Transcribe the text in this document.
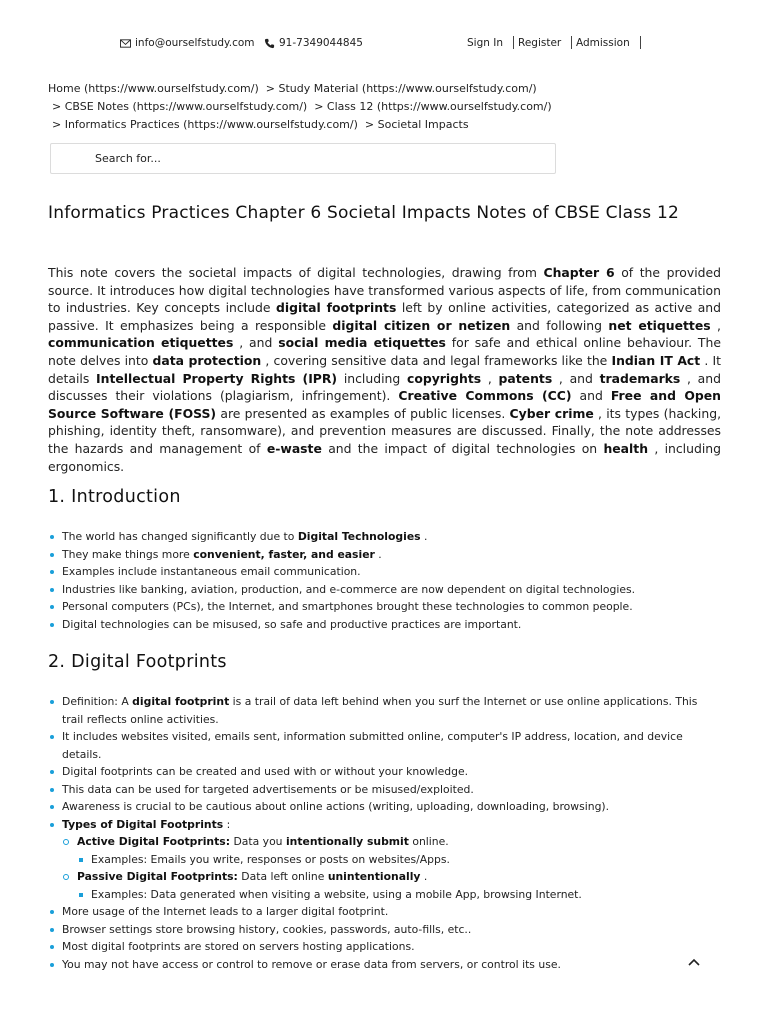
info@ourselfstudy.com 91-7349044845	Sign In Register Admission
Home (https://www.ourselfstudy.com/) > Study Material (https://www.ourselfstudy.com/)
> CBSE Notes (https://www.ourselfstudy.com/) > Class 12 (https://www.ourselfstudy.com/)
> Informatics Practices (https://www.ourselfstudy.com/) > Societal Impacts
Search for...
Informatics Practices Chapter 6 Societal Impacts Notes of CBSE Class 12

This note covers the societal impacts of digital technologies, drawing from Chapter 6 of the provided source. It introduces how digital technologies have transformed various aspects of life, from communication to industries. Key concepts include digital footprints left by online activities, categorized as active and passive. It emphasizes being a responsible digital citizen or netizen and following net etiquettes , communication etiquettes , and social media etiquettes for safe and ethical online behaviour. The note delves into data protection , covering sensitive data and legal frameworks like the Indian IT Act . It details Intellectual Property Rights (IPR) including copyrights , patents , and trademarks , and discusses their violations (plagiarism, infringement). Creative Commons (CC) and Free and Open Source Software (FOSS) are presented as examples of public licenses. Cyber crime , its types (hacking, phishing, identity theft, ransomware), and prevention measures are discussed. Finally, the note addresses the hazards and management of e-waste and the impact of digital technologies on health , including ergonomics.

1. Introduction
The world has changed significantly due to Digital Technologies .
They make things more convenient, faster, and easier .
Examples include instantaneous email communication.
Industries like banking, aviation, production, and e-commerce are now dependent on digital technologies.
Personal computers (PCs), the Internet, and smartphones brought these technologies to common people.
Digital technologies can be misused, so safe and productive practices are important.
2. Digital Footprints
Definition: A digital footprint is a trail of data left behind when you surf the Internet or use online applications. This trail reflects online activities.
It includes websites visited, emails sent, information submitted online, computer's IP address, location, and device details.
Digital footprints can be created and used with or without your knowledge.
This data can be used for targeted advertisements or be misused/exploited.
Awareness is crucial to be cautious about online actions (writing, uploading, downloading, browsing).
Types of Digital Footprints :
Active Digital Footprints: Data you intentionally submit online.
Examples: Emails you write, responses or posts on websites/Apps.
Passive Digital Footprints: Data left online unintentionally .
Examples: Data generated when visiting a website, using a mobile App, browsing Internet.
More usage of the Internet leads to a larger digital footprint.
Browser settings store browsing history, cookies, passwords, auto-fills, etc..
Most digital footprints are stored on servers hosting applications.
You may not have access or control to remove or erase data from servers, or control its use.
